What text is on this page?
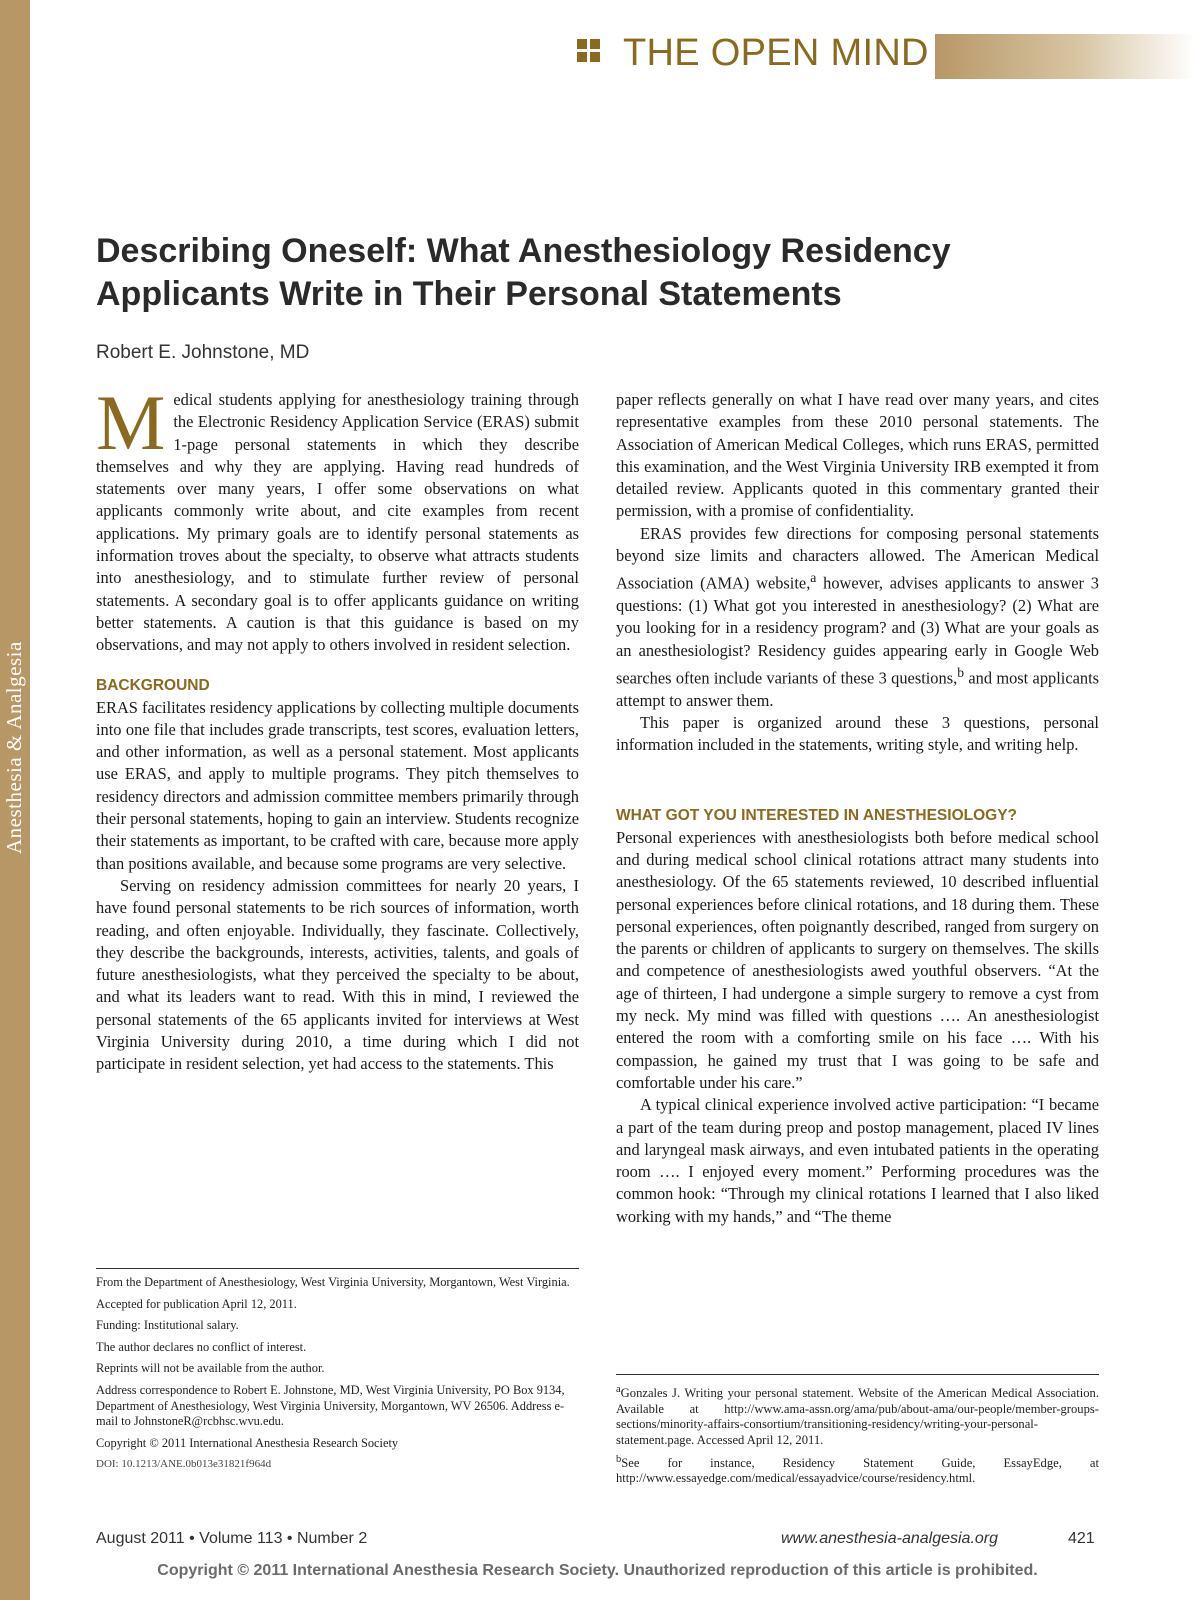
Anesthesia & Analgesia
THE OPEN MIND
Describing Oneself: What Anesthesiology Residency Applicants Write in Their Personal Statements
Robert E. Johnstone, MD

Medical students applying for anesthesiology training through the Electronic Residency Application Service (ERAS) submit 1-page personal statements in which they describe themselves and why they are applying. Having read hundreds of statements over many years, I offer some observations on what applicants commonly write about, and cite examples from recent applications. My primary goals are to identify personal statements as information troves about the specialty, to observe what attracts students into anesthesiology, and to stimulate further review of personal statements. A secondary goal is to offer applicants guidance on writing better statements. A caution is that this guidance is based on my observations, and may not apply to others involved in resident selection.

BACKGROUND

ERAS facilitates residency applications by collecting multiple documents into one file that includes grade transcripts, test scores, evaluation letters, and other information, as well as a personal statement. Most applicants use ERAS, and apply to multiple programs. They pitch themselves to residency directors and admission committee members primarily through their personal statements, hoping to gain an interview. Students recognize their statements as important, to be crafted with care, because more apply than positions available, and because some programs are very selective.

Serving on residency admission committees for nearly 20 years, I have found personal statements to be rich sources of information, worth reading, and often enjoyable. Individually, they fascinate. Collectively, they describe the backgrounds, interests, activities, talents, and goals of future anesthesiologists, what they perceived the specialty to be about, and what its leaders want to read. With this in mind, I reviewed the personal statements of the 65 applicants invited for interviews at West Virginia University during 2010, a time during which I did not participate in resident selection, yet had access to the statements. This

paper reflects generally on what I have read over many years, and cites representative examples from these 2010 personal statements. The Association of American Medical Colleges, which runs ERAS, permitted this examination, and the West Virginia University IRB exempted it from detailed review. Applicants quoted in this commentary granted their permission, with a promise of confidentiality.

ERAS provides few directions for composing personal statements beyond size limits and characters allowed. The American Medical Association (AMA) website,$^a$ however, advises applicants to answer 3 questions: (1) What got you interested in anesthesiology? (2) What are you looking for in a residency program? and (3) What are your goals as an anesthesiologist? Residency guides appearing early in Google Web searches often include variants of these 3 questions,$^b$ and most applicants attempt to answer them.

This paper is organized around these 3 questions, personal information included in the statements, writing style, and writing help.

WHAT GOT YOU INTERESTED IN ANESTHESIOLOGY?

Personal experiences with anesthesiologists both before medical school and during medical school clinical rotations attract many students into anesthesiology. Of the 65 statements reviewed, 10 described influential personal experiences before clinical rotations, and 18 during them. These personal experiences, often poignantly described, ranged from surgery on the parents or children of applicants to surgery on themselves. The skills and competence of anesthesiologists awed youthful observers. “At the age of thirteen, I had undergone a simple surgery to remove a cyst from my neck. My mind was filled with questions …. An anesthesiologist entered the room with a comforting smile on his face …. With his compassion, he gained my trust that I was going to be safe and comfortable under his care.”

A typical clinical experience involved active participation: “I became a part of the team during preop and postop management, placed IV lines and laryngeal mask airways, and even intubated patients in the operating room …. I enjoyed every moment.” Performing procedures was the common hook: “Through my clinical rotations I learned that I also liked working with my hands,” and “The theme

From the Department of Anesthesiology, West Virginia University, Morgantown, West Virginia.

Accepted for publication April 12, 2011.

Funding: Institutional salary.

The author declares no conflict of interest.

Reprints will not be available from the author.

Address correspondence to Robert E. Johnstone, MD, West Virginia University, PO Box 9134, Department of Anesthesiology, West Virginia University, Morgantown, WV 26506. Address e-mail to JohnstoneR@rcbhsc.wvu.edu.

Copyright © 2011 International Anesthesia Research Society

DOI: 10.1213/ANE.0b013e31821f964d

$^a$Gonzales J. Writing your personal statement. Website of the American Medical Association. Available at http://www.ama-assn.org/ama/pub/about-ama/our-people/member-groups-sections/minority-affairs-consortium/transitioning-residency/writing-your-personal-statement.page. Accessed April 12, 2011.

$^b$See for instance, Residency Statement Guide, EssayEdge, at http://www.essayedge.com/medical/essayadvice/course/residency.html.

August 2011 • Volume 113 • Number 2	www.anesthesia-analgesia.org	421
Copyright © 2011 International Anesthesia Research Society. Unauthorized reproduction of this article is prohibited.
